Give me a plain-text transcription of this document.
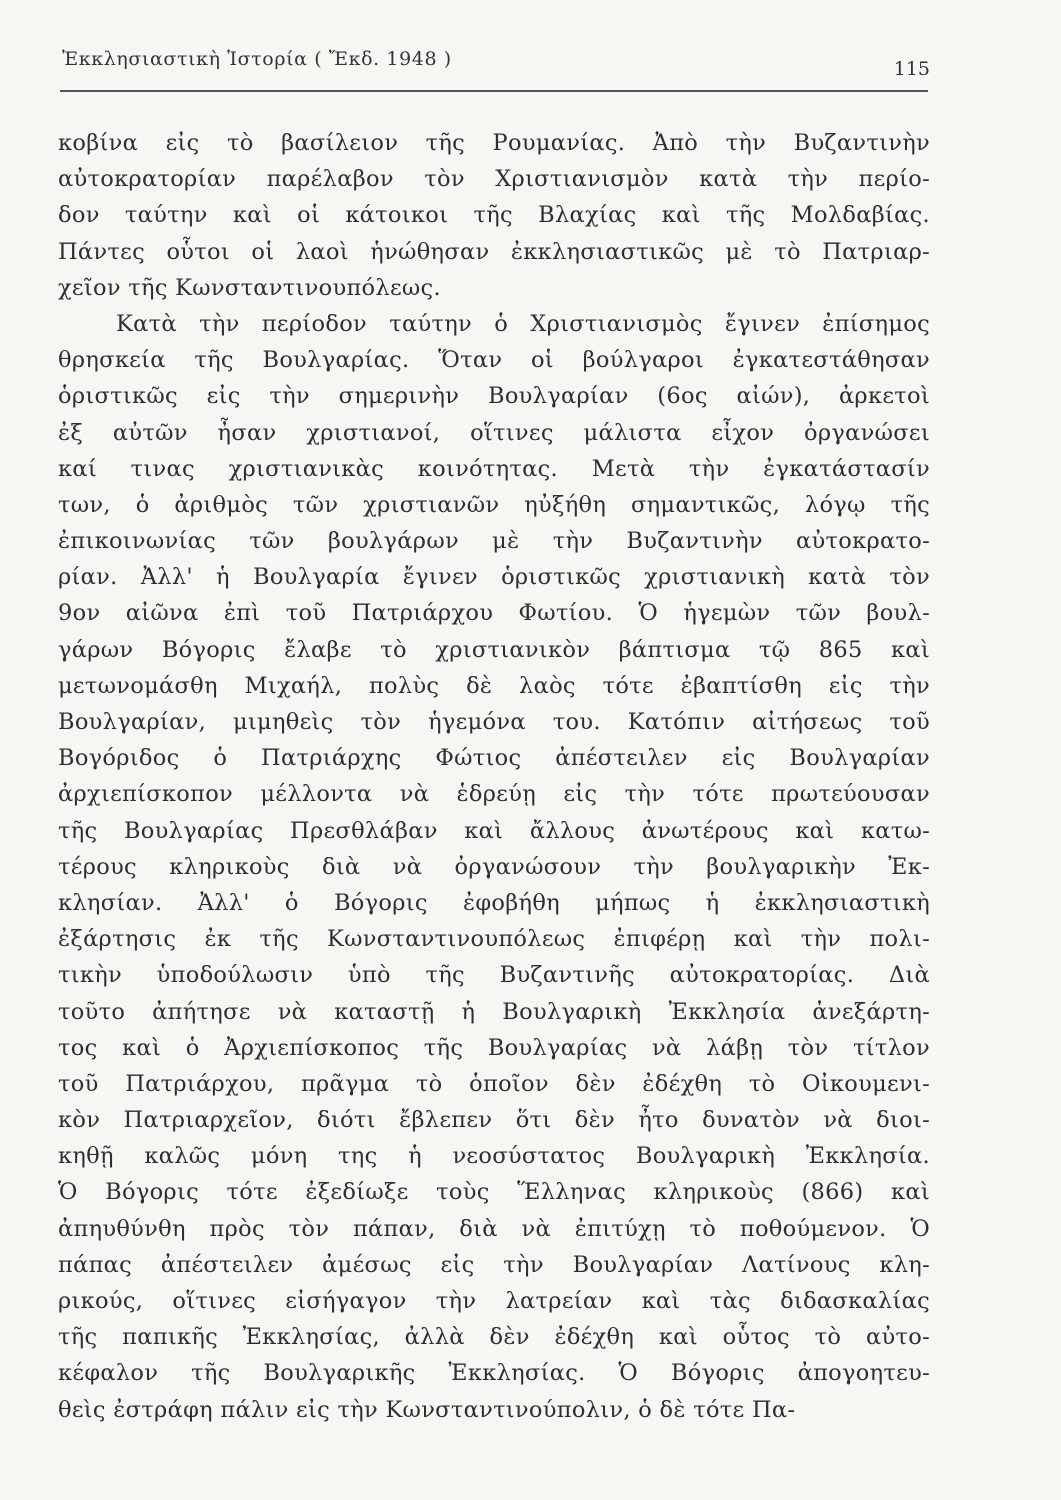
Ἐκκλησιαστικὴ Ἱστορία ( Ἔκδ. 1948 )	115
κοβίνα εἰς τὸ βασίλειον τῆς Ρουμανίας. Ἀπὸ τὴν Βυζαντινὴν
αὐτοκρατορίαν παρέλαβον τὸν Χριστιανισμὸν κατὰ τὴν περίο-
δον ταύτην καὶ οἱ κάτοικοι τῆς Βλαχίας καὶ τῆς Μολδαβίας.
Πάντες οὗτοι οἱ λαοὶ ἡνώθησαν ἐκκλησιαστικῶς μὲ τὸ Πατριαρ-
χεῖον τῆς Κωνσταντινουπόλεως.
Κατὰ τὴν περίοδον ταύτην ὁ Χριστιανισμὸς ἔγινεν ἐπίσημος
θρησκεία τῆς Βουλγαρίας. Ὅταν οἱ βούλγαροι ἐγκατεστάθησαν
ὁριστικῶς εἰς τὴν σημερινὴν Βουλγαρίαν (6ος αἰών), ἀρκετοὶ
ἐξ αὐτῶν ἦσαν χριστιανοί, οἵτινες μάλιστα εἶχον ὀργανώσει
καί τινας χριστιανικὰς κοινότητας. Μετὰ τὴν ἐγκατάστασίν
των, ὁ ἀριθμὸς τῶν χριστιανῶν ηὐξήθη σημαντικῶς, λόγῳ τῆς
ἐπικοινωνίας τῶν βουλγάρων μὲ τὴν Βυζαντινὴν αὐτοκρατο-
ρίαν. Ἀλλ' ἡ Βουλγαρία ἔγινεν ὁριστικῶς χριστιανικὴ κατὰ τὸν
9ον αἰῶνα ἐπὶ τοῦ Πατριάρχου Φωτίου. Ὁ ἡγεμὼν τῶν βουλ-
γάρων Βόγορις ἔλαβε τὸ χριστιανικὸν βάπτισμα τῷ 865 καὶ
μετωνομάσθη Μιχαήλ, πολὺς δὲ λαὸς τότε ἐβαπτίσθη εἰς τὴν
Βουλγαρίαν, μιμηθεὶς τὸν ἡγεμόνα του. Κατόπιν αἰτήσεως τοῦ
Βογόριδος ὁ Πατριάρχης Φώτιος ἀπέστειλεν εἰς Βουλγαρίαν
ἀρχιεπίσκοπον μέλλοντα νὰ ἑδρεύῃ εἰς τὴν τότε πρωτεύουσαν
τῆς Βουλγαρίας Πρεσθλάβαν καὶ ἄλλους ἀνωτέρους καὶ κατω-
τέρους κληρικοὺς διὰ νὰ ὀργανώσουν τὴν βουλγαρικὴν Ἐκ-
κλησίαν. Ἀλλ' ὁ Βόγορις ἐφοβήθη μήπως ἡ ἐκκλησιαστικὴ
ἐξάρτησις ἐκ τῆς Κωνσταντινουπόλεως ἐπιφέρῃ καὶ τὴν πολι-
τικὴν ὑποδούλωσιν ὑπὸ τῆς Βυζαντινῆς αὐτοκρατορίας. Διὰ
τοῦτο ἀπήτησε νὰ καταστῇ ἡ Βουλγαρικὴ Ἐκκλησία ἀνεξάρτη-
τος καὶ ὁ Ἀρχιεπίσκοπος τῆς Βουλγαρίας νὰ λάβῃ τὸν τίτλον
τοῦ Πατριάρχου, πρᾶγμα τὸ ὁποῖον δὲν ἐδέχθη τὸ Οἰκουμενι-
κὸν Πατριαρχεῖον, διότι ἔβλεπεν ὅτι δὲν ἦτο δυνατὸν νὰ διοι-
κηθῇ καλῶς μόνη της ἡ νεοσύστατος Βουλγαρικὴ Ἐκκλησία.
Ὁ Βόγορις τότε ἐξεδίωξε τοὺς Ἕλληνας κληρικοὺς (866) καὶ
ἀπηυθύνθη πρὸς τὸν πάπαν, διὰ νὰ ἐπιτύχῃ τὸ ποθούμενον. Ὁ
πάπας ἀπέστειλεν ἀμέσως εἰς τὴν Βουλγαρίαν Λατίνους κλη-
ρικούς, οἵτινες εἰσήγαγον τὴν λατρείαν καὶ τὰς διδασκαλίας
τῆς παπικῆς Ἐκκλησίας, ἀλλὰ δὲν ἐδέχθη καὶ οὗτος τὸ αὐτο-
κέφαλον τῆς Βουλγαρικῆς Ἐκκλησίας. Ὁ Βόγορις ἀπογοητευ-
θεὶς ἐστράφη πάλιν εἰς τὴν Κωνσταντινούπολιν, ὁ δὲ τότε Πα-
